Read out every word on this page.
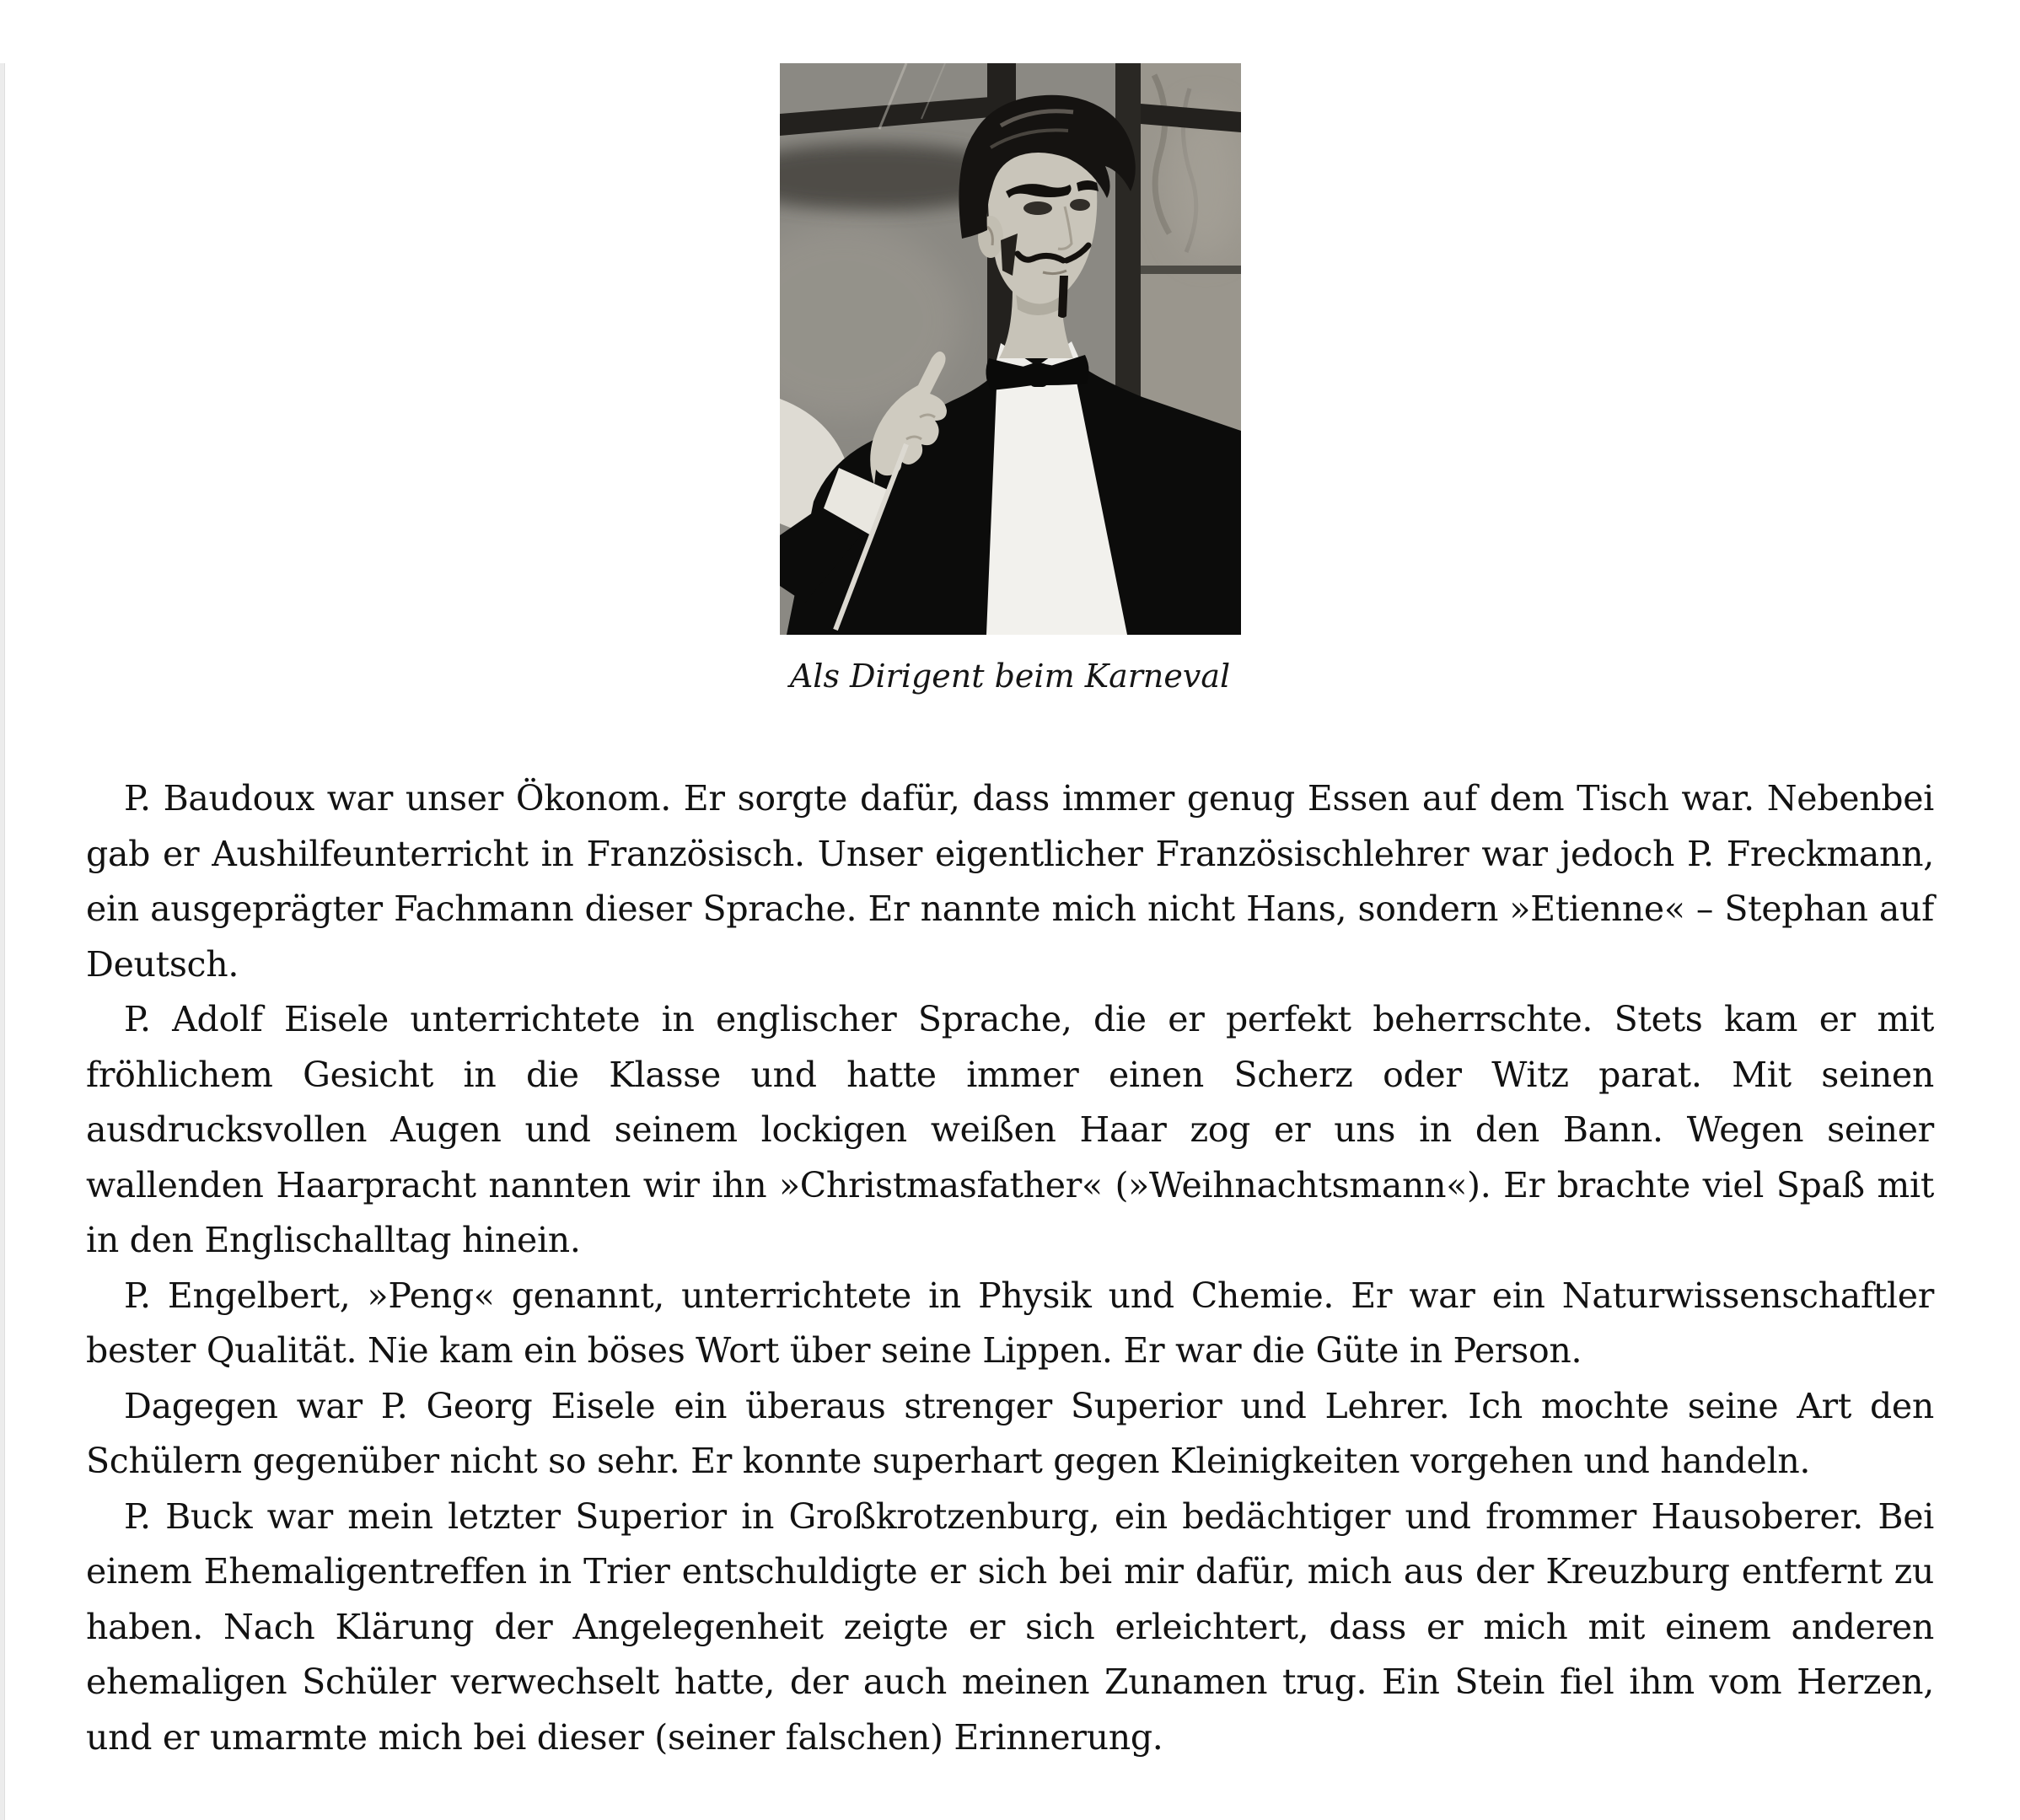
Als Dirigent beim Karneval

P. Baudoux war unser Ökonom. Er sorgte dafür, dass immer genug Essen auf dem Tisch war. Nebenbei gab er Aushilfeunterricht in Französisch. Unser eigentlicher Französischlehrer war jedoch P. Freckmann, ein ausgeprägter Fachmann dieser Sprache. Er nannte mich nicht Hans, sondern »Etienne« – Stephan auf Deutsch.

P. Adolf Eisele unterrichtete in englischer Sprache, die er perfekt beherrschte. Stets kam er mit fröhlichem Gesicht in die Klasse und hatte immer einen Scherz oder Witz parat. Mit seinen ausdrucksvollen Augen und seinem lockigen weißen Haar zog er uns in den Bann. Wegen seiner wallenden Haarpracht nannten wir ihn »Christmasfather« (»Weihnachtsmann«). Er brachte viel Spaß mit in den Englischalltag hinein.

P. Engelbert, »Peng« genannt, unterrichtete in Physik und Chemie. Er war ein Naturwissenschaftler bester Qualität. Nie kam ein böses Wort über seine Lippen. Er war die Güte in Person.

Dagegen war P. Georg Eisele ein überaus strenger Superior und Lehrer. Ich mochte seine Art den Schülern gegenüber nicht so sehr. Er konnte superhart gegen Kleinigkeiten vorgehen und handeln.

P. Buck war mein letzter Superior in Großkrotzenburg, ein bedächtiger und frommer Hausoberer. Bei einem Ehemaligentreffen in Trier entschuldigte er sich bei mir dafür, mich aus der Kreuzburg entfernt zu haben. Nach Klärung der Angelegenheit zeigte er sich erleichtert, dass er mich mit einem anderen ehemaligen Schüler verwechselt hatte, der auch meinen Zunamen trug. Ein Stein fiel ihm vom Herzen, und er umarmte mich bei dieser (seiner falschen) Erinnerung.
